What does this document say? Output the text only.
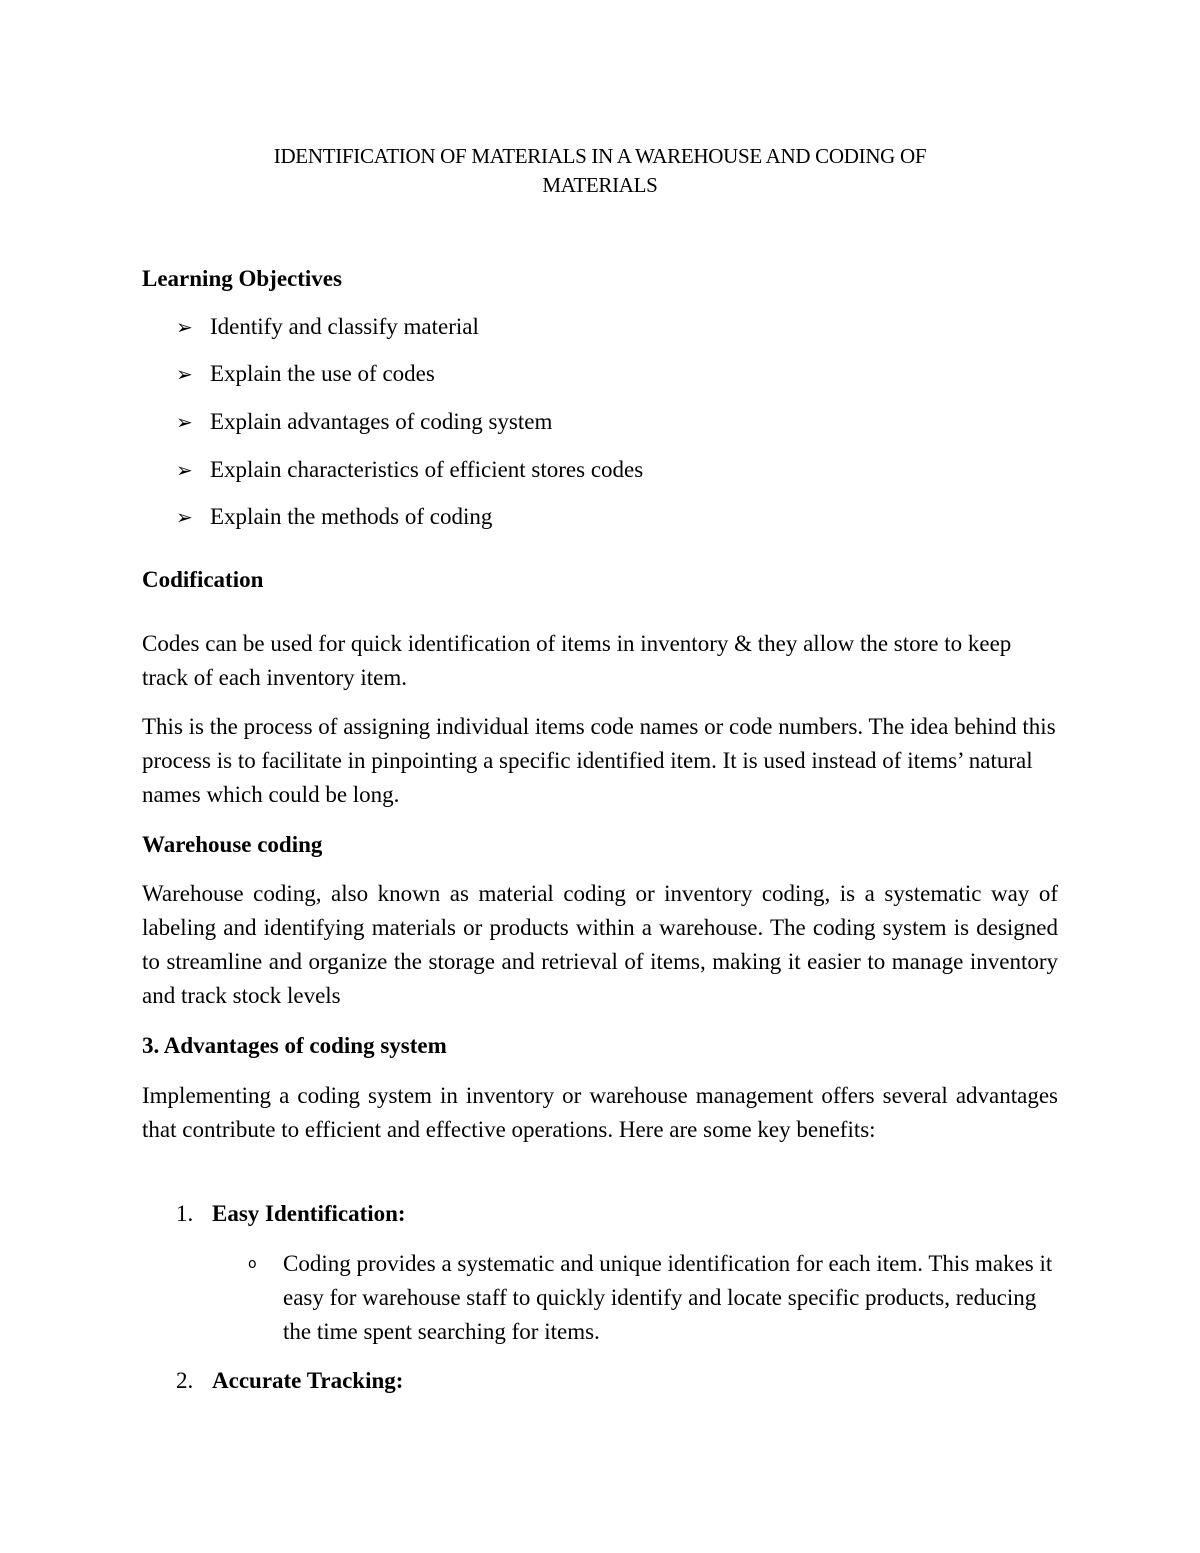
IDENTIFICATION OF MATERIALS IN A WAREHOUSE AND CODING OF
MATERIALS
Learning Objectives
➢ Identify and classify material
➢ Explain the use of codes
➢ Explain advantages of coding system
➢ Explain characteristics of efficient stores codes
➢ Explain the methods of coding
Codification
Codes can be used for quick identification of items in inventory & they allow the store to keep track of each inventory item.
This is the process of assigning individual items code names or code numbers. The idea behind this process is to facilitate in pinpointing a specific identified item. It is used instead of items’ natural names which could be long.
Warehouse coding
Warehouse coding, also known as material coding or inventory coding, is a systematic way of labeling and identifying materials or products within a warehouse. The coding system is designed to streamline and organize the storage and retrieval of items, making it easier to manage inventory and track stock levels
3. Advantages of coding system
Implementing a coding system in inventory or warehouse management offers several advantages that contribute to efficient and effective operations. Here are some key benefits:
1. Easy Identification:
o Coding provides a systematic and unique identification for each item. This makes it easy for warehouse staff to quickly identify and locate specific products, reducing the time spent searching for items.
2. Accurate Tracking:
